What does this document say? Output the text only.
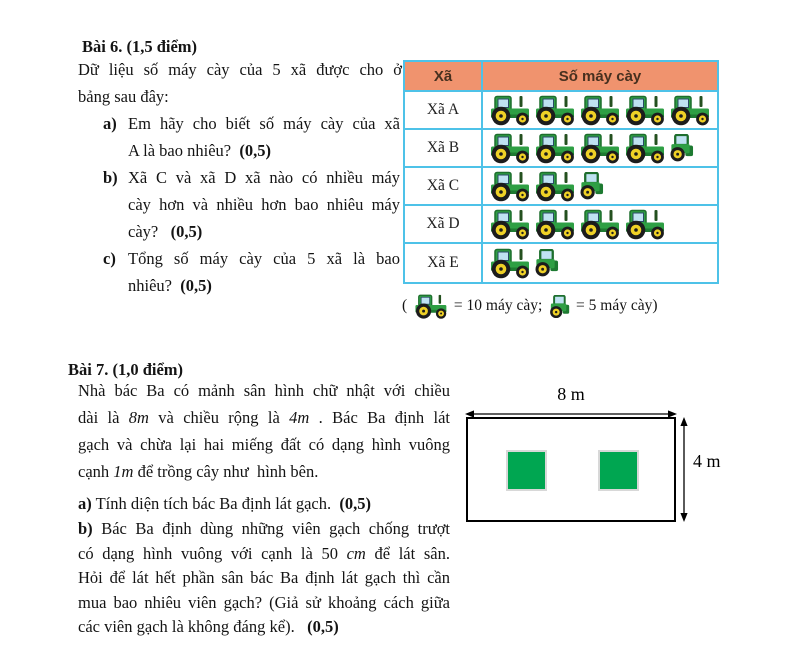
Bài 6. (1,5 điểm)
Dữ liệu số máy cày của 5 xã được cho ở
bảng sau đây:
a) Em hãy cho biết số máy cày của xã
A là bao nhiêu?  (0,5)
b) Xã C và xã D xã nào có nhiều máy
cày hơn và nhiều hơn bao nhiêu máy
cày?   (0,5)
c) Tổng số máy cày của 5 xã là bao
nhiêu?  (0,5)
Xã	Số máy cày
Xã A
Xã B
Xã C
Xã D
Xã E
(	= 10 máy cày;  = 5 máy cày)
Bài 7. (1,0 điểm)
Nhà bác Ba có mảnh sân hình chữ nhật với chiều
dài là 8m và chiều rộng là 4m . Bác Ba định lát
gạch và chừa lại hai miếng đất có dạng hình vuông
cạnh 1m để trồng cây như  hình bên.
a) Tính diện tích bác Ba định lát gạch.  (0,5)
b) Bác Ba định dùng những viên gạch chống trượt
có dạng hình vuông với cạnh là 50 cm để lát sân.
Hỏi để lát hết phần sân bác Ba định lát gạch thì cần
mua bao nhiêu viên gạch? (Giả sử khoảng cách giữa
các viên gạch là không đáng kể).   (0,5)
8 m
4 m
